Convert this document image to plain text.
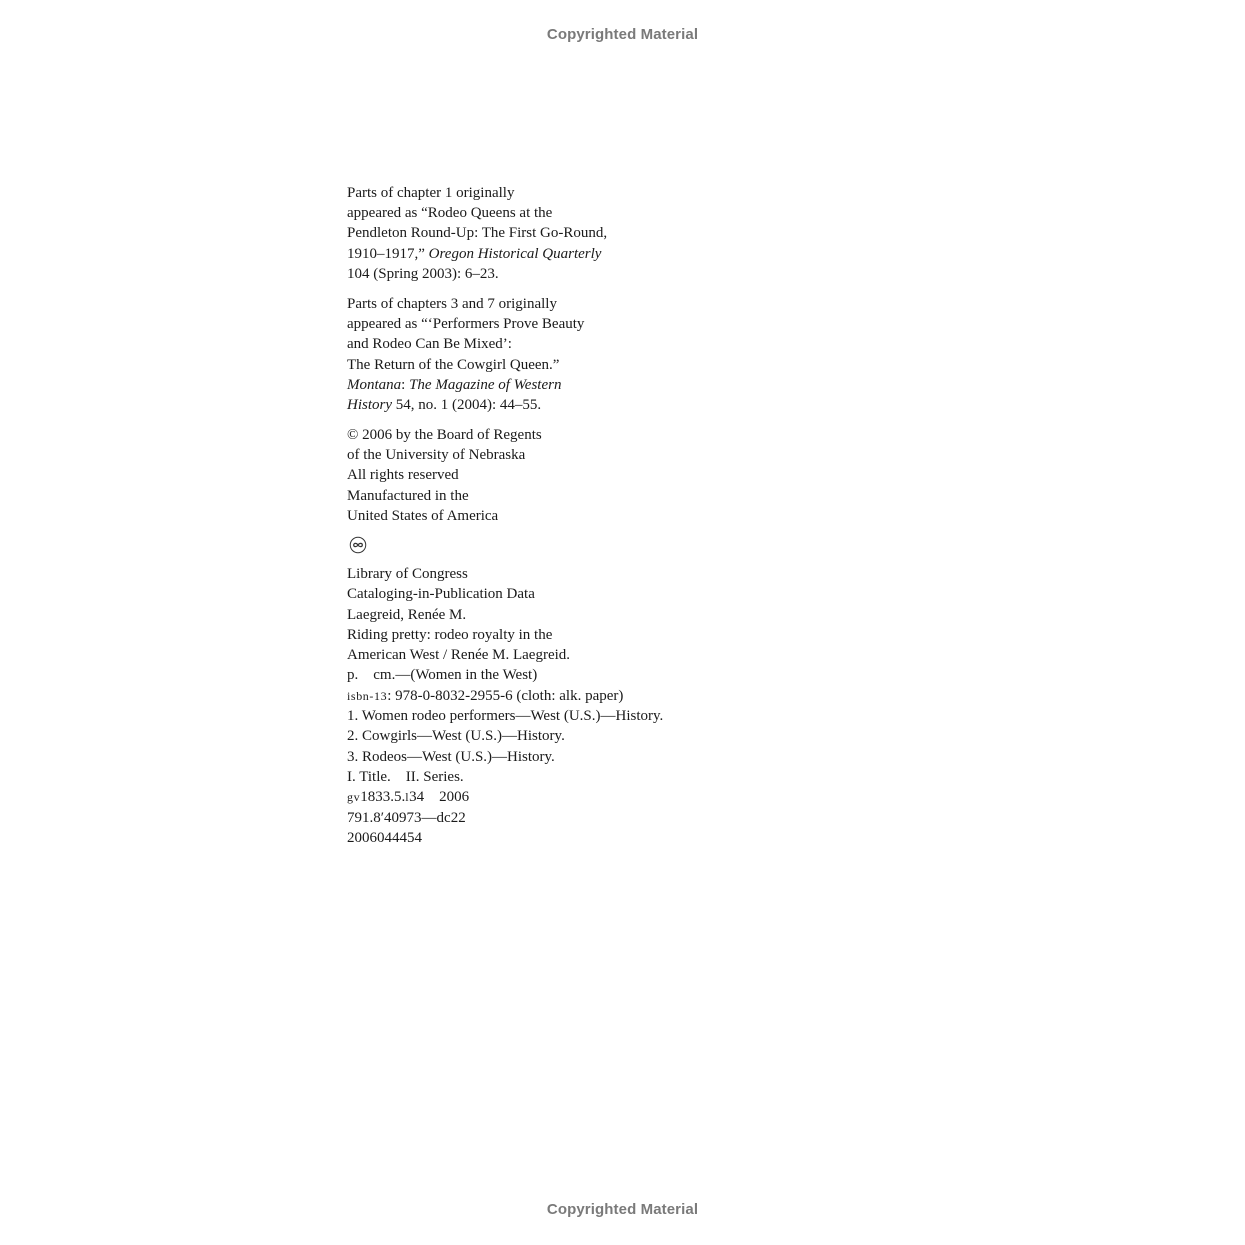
Copyrighted Material
Parts of chapter 1 originally
appeared as “Rodeo Queens at the
Pendleton Round-Up: The First Go-Round,
1910–1917,” Oregon Historical Quarterly
104 (Spring 2003): 6–23.
Parts of chapters 3 and 7 originally
appeared as “‘Performers Prove Beauty
and Rodeo Can Be Mixed’:
The Return of the Cowgirl Queen.”
Montana: The Magazine of Western
History 54, no. 1 (2004): 44–55.
© 2006 by the Board of Regents
of the University of Nebraska
All rights reserved
Manufactured in the
United States of America
Library of Congress
Cataloging-in-Publication Data
Laegreid, Renée M.
Riding pretty: rodeo royalty in the
American West / Renée M. Laegreid.
p.    cm.—(Women in the West)
isbn-13: 978-0-8032-2955-6 (cloth: alk. paper)
1. Women rodeo performers—West (U.S.)—History.
2. Cowgirls—West (U.S.)—History.
3. Rodeos—West (U.S.)—History.
I. Title.    II. Series.
gv1833.5.l34    2006
791.8′40973—dc22
2006044454
Copyrighted Material
